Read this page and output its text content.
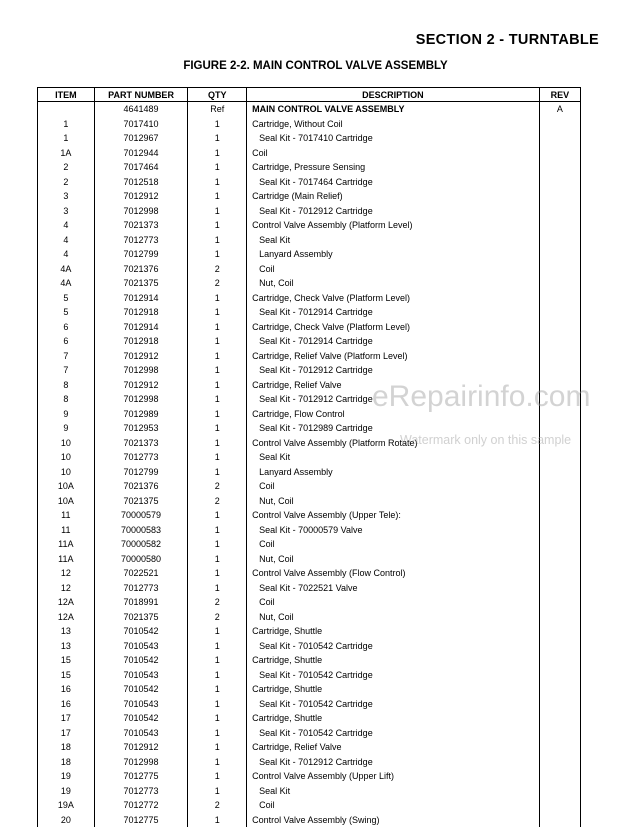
SECTION 2 - TURNTABLE
FIGURE 2-2. MAIN CONTROL VALVE ASSEMBLY
ITEM	PART NUMBER	QTY	DESCRIPTION	REV
	4641489	Ref	MAIN CONTROL VALVE ASSEMBLY	A
1	7017410	1	Cartridge, Without Coil	
1	7012967	1	Seal Kit - 7017410 Cartridge	
1A	7012944	1	Coil	
2	7017464	1	Cartridge, Pressure Sensing	
2	7012518	1	Seal Kit - 7017464 Cartridge	
3	7012912	1	Cartridge (Main Relief)	
3	7012998	1	Seal Kit - 7012912 Cartridge	
4	7021373	1	Control Valve Assembly (Platform Level)	
4	7012773	1	Seal Kit	
4	7012799	1	Lanyard Assembly	
4A	7021376	2	Coil	
4A	7021375	2	Nut, Coil	
5	7012914	1	Cartridge, Check Valve (Platform Level)	
5	7012918	1	Seal Kit - 7012914 Cartridge	
6	7012914	1	Cartridge, Check Valve (Platform Level)	
6	7012918	1	Seal Kit - 7012914 Cartridge	
7	7012912	1	Cartridge, Relief Valve (Platform Level)	
7	7012998	1	Seal Kit - 7012912 Cartridge	
8	7012912	1	Cartridge, Relief Valve	
8	7012998	1	Seal Kit - 7012912 Cartridge	
9	7012989	1	Cartridge, Flow Control	
9	7012953	1	Seal Kit - 7012989 Cartridge	
10	7021373	1	Control Valve Assembly (Platform Rotate)	
10	7012773	1	Seal Kit	
10	7012799	1	Lanyard Assembly	
10A	7021376	2	Coil	
10A	7021375	2	Nut, Coil	
11	70000579	1	Control Valve Assembly (Upper Tele):	
11	70000583	1	Seal Kit - 70000579 Valve	
11A	70000582	1	Coil	
11A	70000580	1	Nut, Coil	
12	7022521	1	Control Valve Assembly (Flow Control)	
12	7012773	1	Seal Kit - 7022521 Valve	
12A	7018991	2	Coil	
12A	7021375	2	Nut, Coil	
13	7010542	1	Cartridge, Shuttle	
13	7010543	1	Seal Kit - 7010542 Cartridge	
15	7010542	1	Cartridge, Shuttle	
15	7010543	1	Seal Kit - 7010542 Cartridge	
16	7010542	1	Cartridge, Shuttle	
16	7010543	1	Seal Kit - 7010542 Cartridge	
17	7010542	1	Cartridge, Shuttle	
17	7010543	1	Seal Kit - 7010542 Cartridge	
18	7012912	1	Cartridge, Relief Valve	
18	7012998	1	Seal Kit - 7012912 Cartridge	
19	7012775	1	Control Valve Assembly (Upper Lift)	
19	7012773	1	Seal Kit	
19A	7012772	2	Coil	
20	7012775	1	Control Valve Assembly (Swing)	
eRepairinfo.com
Watermark only on this sample
